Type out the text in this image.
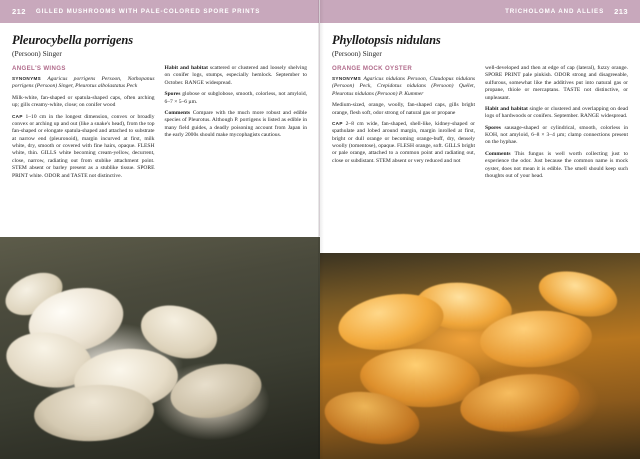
212 GILLED MUSHROOMS WITH PALE-COLORED SPORE PRINTS
Pleurocybella porrigens
(Persoon) Singer
ANGEL'S WINGS

SYNONYMS Agaricus porrigens Persoon, Nothopanus porrigens (Persoon) Singer, Pleurotus albolastatus Peck

Milk-white, fan-shaped or spatula-shaped caps, often arching up; gills creamy-white, close; on conifer wood

CAP 1–10 cm in the longest dimension, convex or broadly convex or arching up and out (like a snake's head), from the top fan-shaped or elongate spatula-shaped and attached to substrate at narrow end (pleuronoid), margin incurved at first, milk white, dry, smooth or covered with fine hairs, opaque. FLESH white, thin. GILLS white becoming cream-yellow, decurrent, close, narrow, radiating out from stubike attachment point. STEM absent or barley present as a stublike tissue. SPORE PRINT white. ODOR and TASTE not distinctive.

Habit and habitat scattered or clustered and loosely shelving on conifer logs, stumps, especially hemlock. September to October. RANGE widespread.

Spores globose or subglobose, smooth, colorless, not amyloid, 6–7 × 5–6 µm.

Comments Compare with the much more robust and edible species of Pleurotus. Although P. porrigens is listed as edible in many field guides, a deadly poisoning account from Japan in the early 2000s should make mycophagists cautious.

TRICHOLOMA AND ALLIES 213
Phyllotopsis nidulans
(Persoon) Singer
ORANGE MOCK OYSTER

SYNONYMS Agaricus nidulans Persoon, Claudopus nidulans (Persoon) Peck, Crepidotus nidulans (Persoon) Quélet, Pleurotus nidulans (Persoon) P. Kummer

Medium-sized, orange, woolly, fan-shaped caps, gills bright orange, flesh soft, odor strong of natural gas or propane

CAP 2–8 cm wide, fan-shaped, shell-like, kidney-shaped or spathulate and lobed around margin, margin inrolled at first, bright or dull orange or becoming orange-buff, dry, densely woolly (tomentose), opaque. FLESH orange, soft. GILLS bright or pale orange, attached to a common point and radiating out, close or subdistant. STEM absent or very reduced and not

well-developed and then at edge of cap (lateral), fuzzy orange. SPORE PRINT pale pinkish. ODOR strong and disagreeable, sulfurous, somewhat like the additives put into natural gas or propane, thiole or mercaptans. TASTE not distinctive, or unpleasant.

Habit and habitat single or clustered and overlapping on dead logs of hardwoods or conifers. September. RANGE widespread.

Spores sausage-shaped or cylindrical, smooth, colorless in KOH, not amyloid, 6–8 × 3–4 µm; clamp connections present on the hyphae.

Comments This fungus is well worth collecting just to experience the odor. Just because the common name is mock oyster, does not mean it is edible. The smell should keep such thoughts out of your head.
